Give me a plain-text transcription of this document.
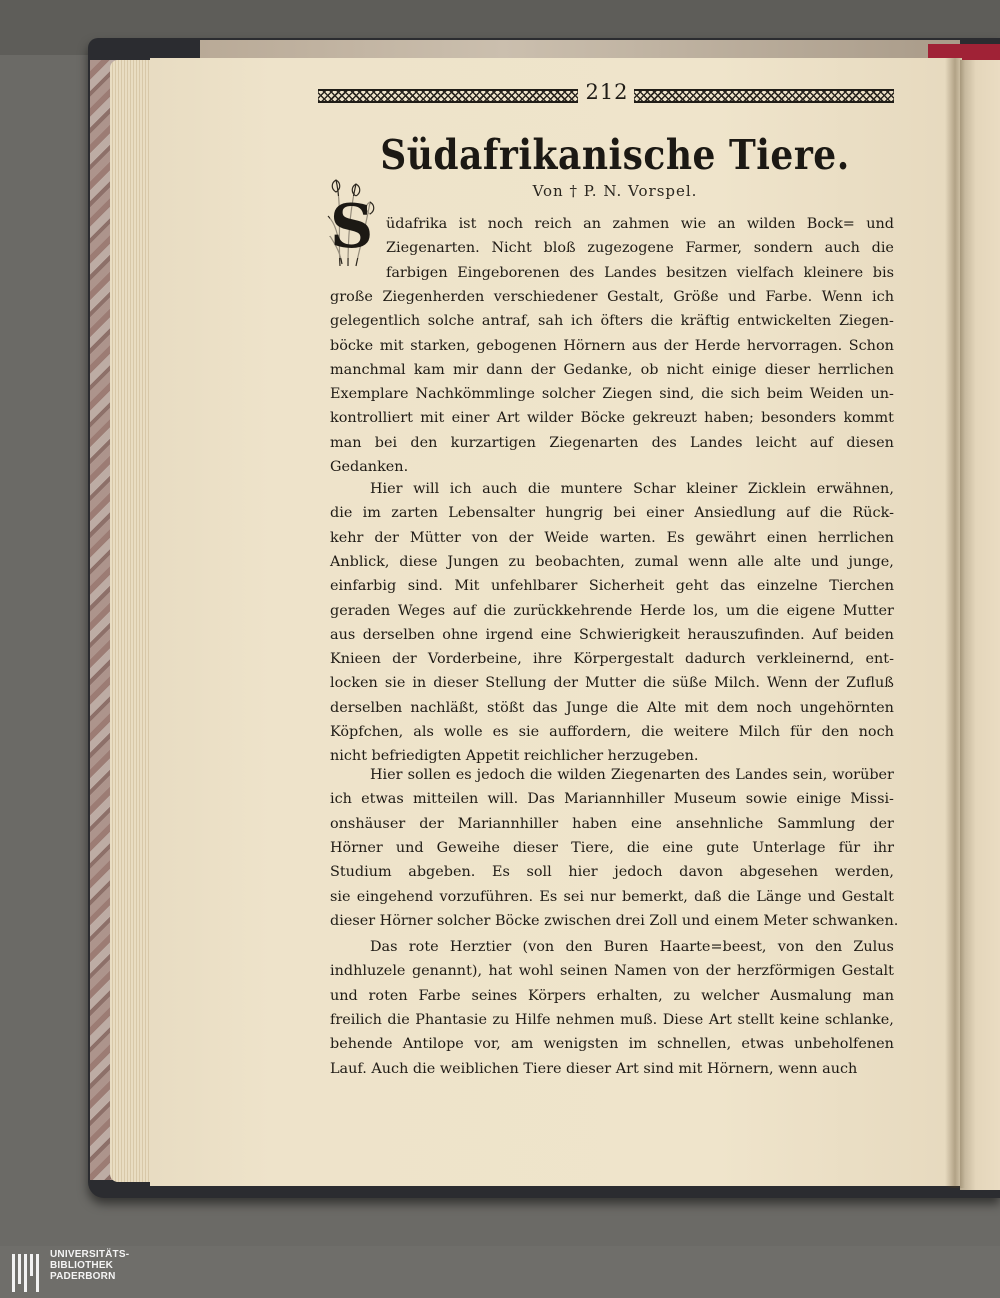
212
Südafrikanische Tiere.
Von † P. N. Vorspel.
S üdafrika ist noch reich an zahmen wie an wilden Bock= und
Ziegenarten. Nicht bloß zugezogene Farmer, sondern auch die
farbigen Eingeborenen des Landes besitzen vielfach kleinere bis
große Ziegenherden verschiedener Gestalt, Größe und Farbe. Wenn ich
gelegentlich solche antraf, sah ich öfters die kräftig entwickelten Ziegen-
böcke mit starken, gebogenen Hörnern aus der Herde hervorragen. Schon
manchmal kam mir dann der Gedanke, ob nicht einige dieser herrlichen
Exemplare Nachkömmlinge solcher Ziegen sind, die sich beim Weiden un-
kontrolliert mit einer Art wilder Böcke gekreuzt haben; besonders kommt
man bei den kurzartigen Ziegenarten des Landes leicht auf diesen
Gedanken.
Hier will ich auch die muntere Schar kleiner Zicklein erwähnen,
die im zarten Lebensalter hungrig bei einer Ansiedlung auf die Rück-
kehr der Mütter von der Weide warten. Es gewährt einen herrlichen
Anblick, diese Jungen zu beobachten, zumal wenn alle alte und junge,
einfarbig sind. Mit unfehlbarer Sicherheit geht das einzelne Tierchen
geraden Weges auf die zurückkehrende Herde los, um die eigene Mutter
aus derselben ohne irgend eine Schwierigkeit herauszufinden. Auf beiden
Knieen der Vorderbeine, ihre Körpergestalt dadurch verkleinernd, ent-
locken sie in dieser Stellung der Mutter die süße Milch. Wenn der Zufluß
derselben nachläßt, stößt das Junge die Alte mit dem noch ungehörnten
Köpfchen, als wolle es sie auffordern, die weitere Milch für den noch
nicht befriedigten Appetit reichlicher herzugeben.
Hier sollen es jedoch die wilden Ziegenarten des Landes sein, worüber
ich etwas mitteilen will. Das Mariannhiller Museum sowie einige Missi-
onshäuser der Mariannhiller haben eine ansehnliche Sammlung der
Hörner und Geweihe dieser Tiere, die eine gute Unterlage für ihr
Studium abgeben. Es soll hier jedoch davon abgesehen werden,
sie eingehend vorzuführen. Es sei nur bemerkt, daß die Länge und Gestalt
dieser Hörner solcher Böcke zwischen drei Zoll und einem Meter schwanken.
Das rote Herztier (von den Buren Haarte=beest, von den Zulus
indhluzele genannt), hat wohl seinen Namen von der herzförmigen Gestalt
und roten Farbe seines Körpers erhalten, zu welcher Ausmalung man
freilich die Phantasie zu Hilfe nehmen muß. Diese Art stellt keine schlanke,
behende Antilope vor, am wenigsten im schnellen, etwas unbeholfenen
Lauf. Auch die weiblichen Tiere dieser Art sind mit Hörnern, wenn auch
UNIVERSITÄTS-
BIBLIOTHEK
PADERBORN
